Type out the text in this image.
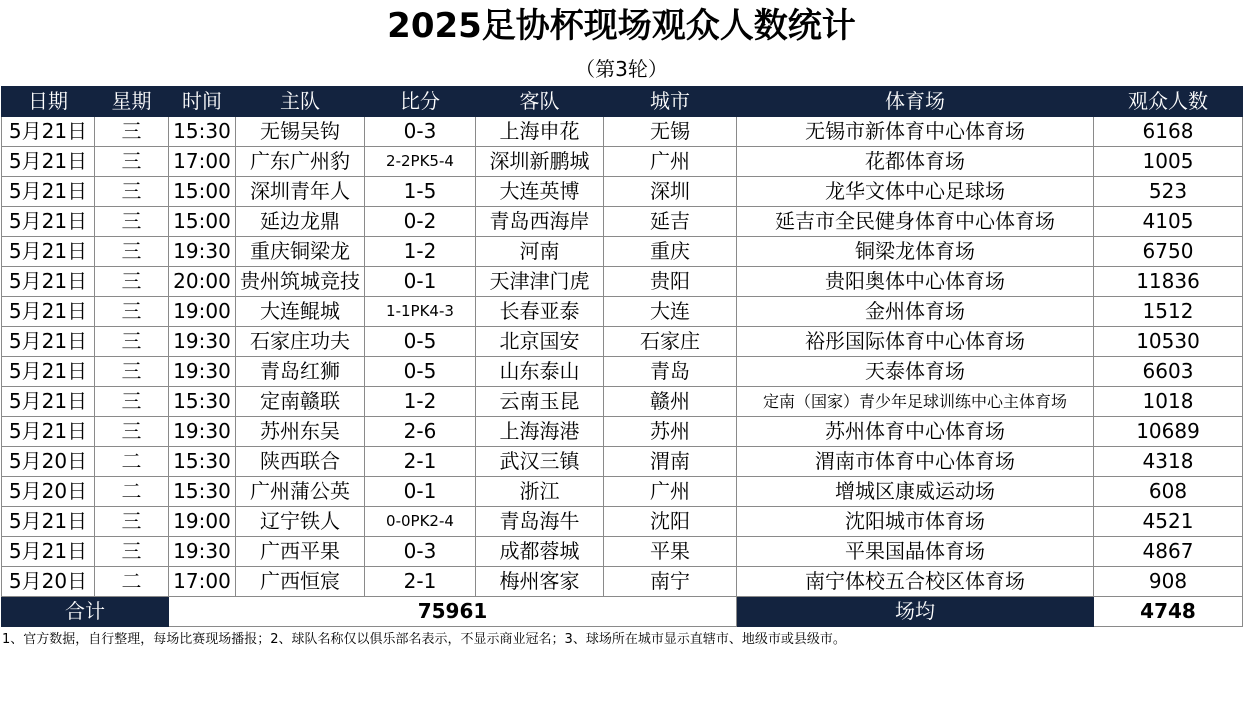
2025足协杯现场观众人数统计
（第3轮）
日期	星期	时间	主队	比分	客队	城市	体育场	观众人数
5月21日	三	15:30	无锡吴钩	0-3	上海申花	无锡	无锡市新体育中心体育场	6168
5月21日	三	17:00	广东广州豹	2-2PK5-4	深圳新鹏城	广州	花都体育场	1005
5月21日	三	15:00	深圳青年人	1-5	大连英博	深圳	龙华文体中心足球场	523
5月21日	三	15:00	延边龙鼎	0-2	青岛西海岸	延吉	延吉市全民健身体育中心体育场	4105
5月21日	三	19:30	重庆铜梁龙	1-2	河南	重庆	铜梁龙体育场	6750
5月21日	三	20:00	贵州筑城竞技	0-1	天津津门虎	贵阳	贵阳奥体中心体育场	11836
5月21日	三	19:00	大连鲲城	1-1PK4-3	长春亚泰	大连	金州体育场	1512
5月21日	三	19:30	石家庄功夫	0-5	北京国安	石家庄	裕彤国际体育中心体育场	10530
5月21日	三	19:30	青岛红狮	0-5	山东泰山	青岛	天泰体育场	6603
5月21日	三	15:30	定南赣联	1-2	云南玉昆	赣州	定南（国家）青少年足球训练中心主体育场	1018
5月21日	三	19:30	苏州东吴	2-6	上海海港	苏州	苏州体育中心体育场	10689
5月20日	二	15:30	陕西联合	2-1	武汉三镇	渭南	渭南市体育中心体育场	4318
5月20日	二	15:30	广州蒲公英	0-1	浙江	广州	增城区康威运动场	608
5月21日	三	19:00	辽宁铁人	0-0PK2-4	青岛海牛	沈阳	沈阳城市体育场	4521
5月21日	三	19:30	广西平果	0-3	成都蓉城	平果	平果国晶体育场	4867
5月20日	二	17:00	广西恒宸	2-1	梅州客家	南宁	南宁体校五合校区体育场	908
合计		75961					场均	4748
1、官方数据，自行整理，每场比赛现场播报；2、球队名称仅以俱乐部名表示，不显示商业冠名；3、球场所在城市显示直辖市、地级市或县级市。
